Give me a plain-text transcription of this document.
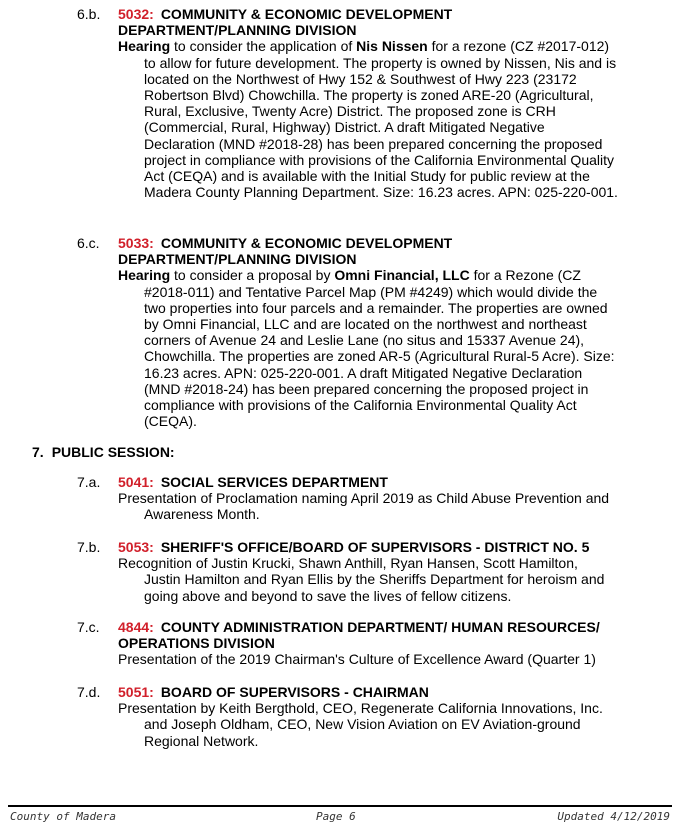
6.b. 5032: COMMUNITY & ECONOMIC DEVELOPMENT DEPARTMENT/PLANNING DIVISION
Hearing to consider the application of Nis Nissen for a rezone (CZ #2017-012) to allow for future development. The property is owned by Nissen, Nis and is located on the Northwest of Hwy 152 & Southwest of Hwy 223 (23172 Robertson Blvd) Chowchilla. The property is zoned ARE-20 (Agricultural, Rural, Exclusive, Twenty Acre) District. The proposed zone is CRH (Commercial, Rural, Highway) District. A draft Mitigated Negative Declaration (MND #2018-28) has been prepared concerning the proposed project in compliance with provisions of the California Environmental Quality Act (CEQA) and is available with the Initial Study for public review at the Madera County Planning Department. Size: 16.23 acres. APN: 025-220-001.
6.c. 5033: COMMUNITY & ECONOMIC DEVELOPMENT DEPARTMENT/PLANNING DIVISION
Hearing to consider a proposal by Omni Financial, LLC for a Rezone (CZ #2018-011) and Tentative Parcel Map (PM #4249) which would divide the two properties into four parcels and a remainder. The properties are owned by Omni Financial, LLC and are located on the northwest and northeast corners of Avenue 24 and Leslie Lane (no situs and 15337 Avenue 24), Chowchilla. The properties are zoned AR-5 (Agricultural Rural-5 Acre). Size: 16.23 acres. APN: 025-220-001. A draft Mitigated Negative Declaration (MND #2018-24) has been prepared concerning the proposed project in compliance with provisions of the California Environmental Quality Act (CEQA).
7. PUBLIC SESSION:
7.a. 5041: SOCIAL SERVICES DEPARTMENT
Presentation of Proclamation naming April 2019 as Child Abuse Prevention and Awareness Month.
7.b. 5053: SHERIFF'S OFFICE/BOARD OF SUPERVISORS - DISTRICT NO. 5
Recognition of Justin Krucki, Shawn Anthill, Ryan Hansen, Scott Hamilton, Justin Hamilton and Ryan Ellis by the Sheriffs Department for heroism and going above and beyond to save the lives of fellow citizens.
7.c. 4844: COUNTY ADMINISTRATION DEPARTMENT/ HUMAN RESOURCES/ OPERATIONS DIVISION
Presentation of the 2019 Chairman's Culture of Excellence Award (Quarter 1)
7.d. 5051: BOARD OF SUPERVISORS - CHAIRMAN
Presentation by Keith Bergthold, CEO, Regenerate California Innovations, Inc. and Joseph Oldham, CEO, New Vision Aviation on EV Aviation-ground Regional Network.
County of Madera	Page 6	Updated 4/12/2019
